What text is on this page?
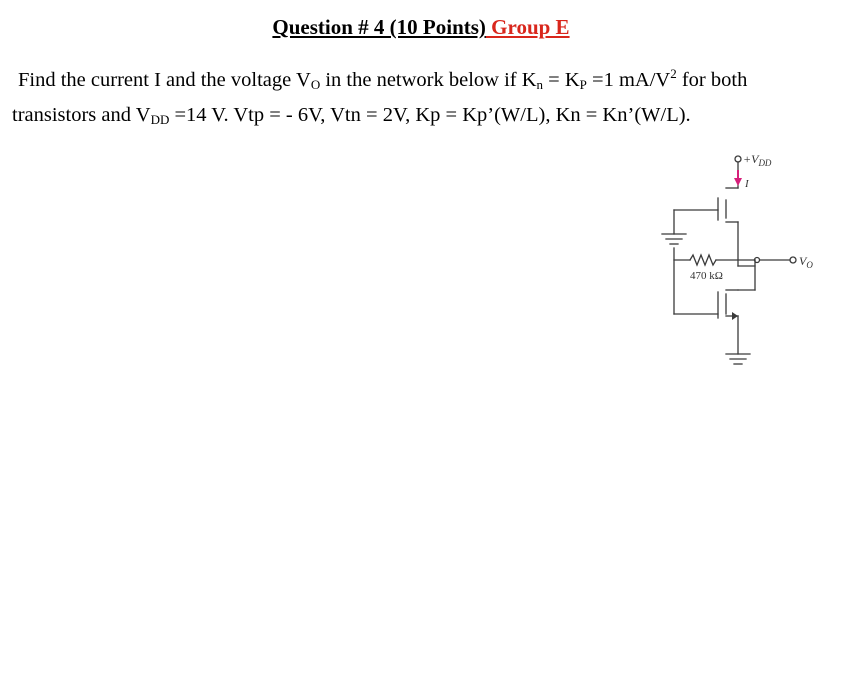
Question # 4 (10 Points) Group E
Find the current I and the voltage $V_O$ in the network below if $K_n = K_P =1$ $mA/V^2$ for both
transistors and $V_{DD} =14$ V. Vtp = - 6V, Vtn = 2V, Kp = Kp’(W/L), Kn = Kn’(W/L).
$+V_{DD}$
I
$V_O$
470 kΩ
